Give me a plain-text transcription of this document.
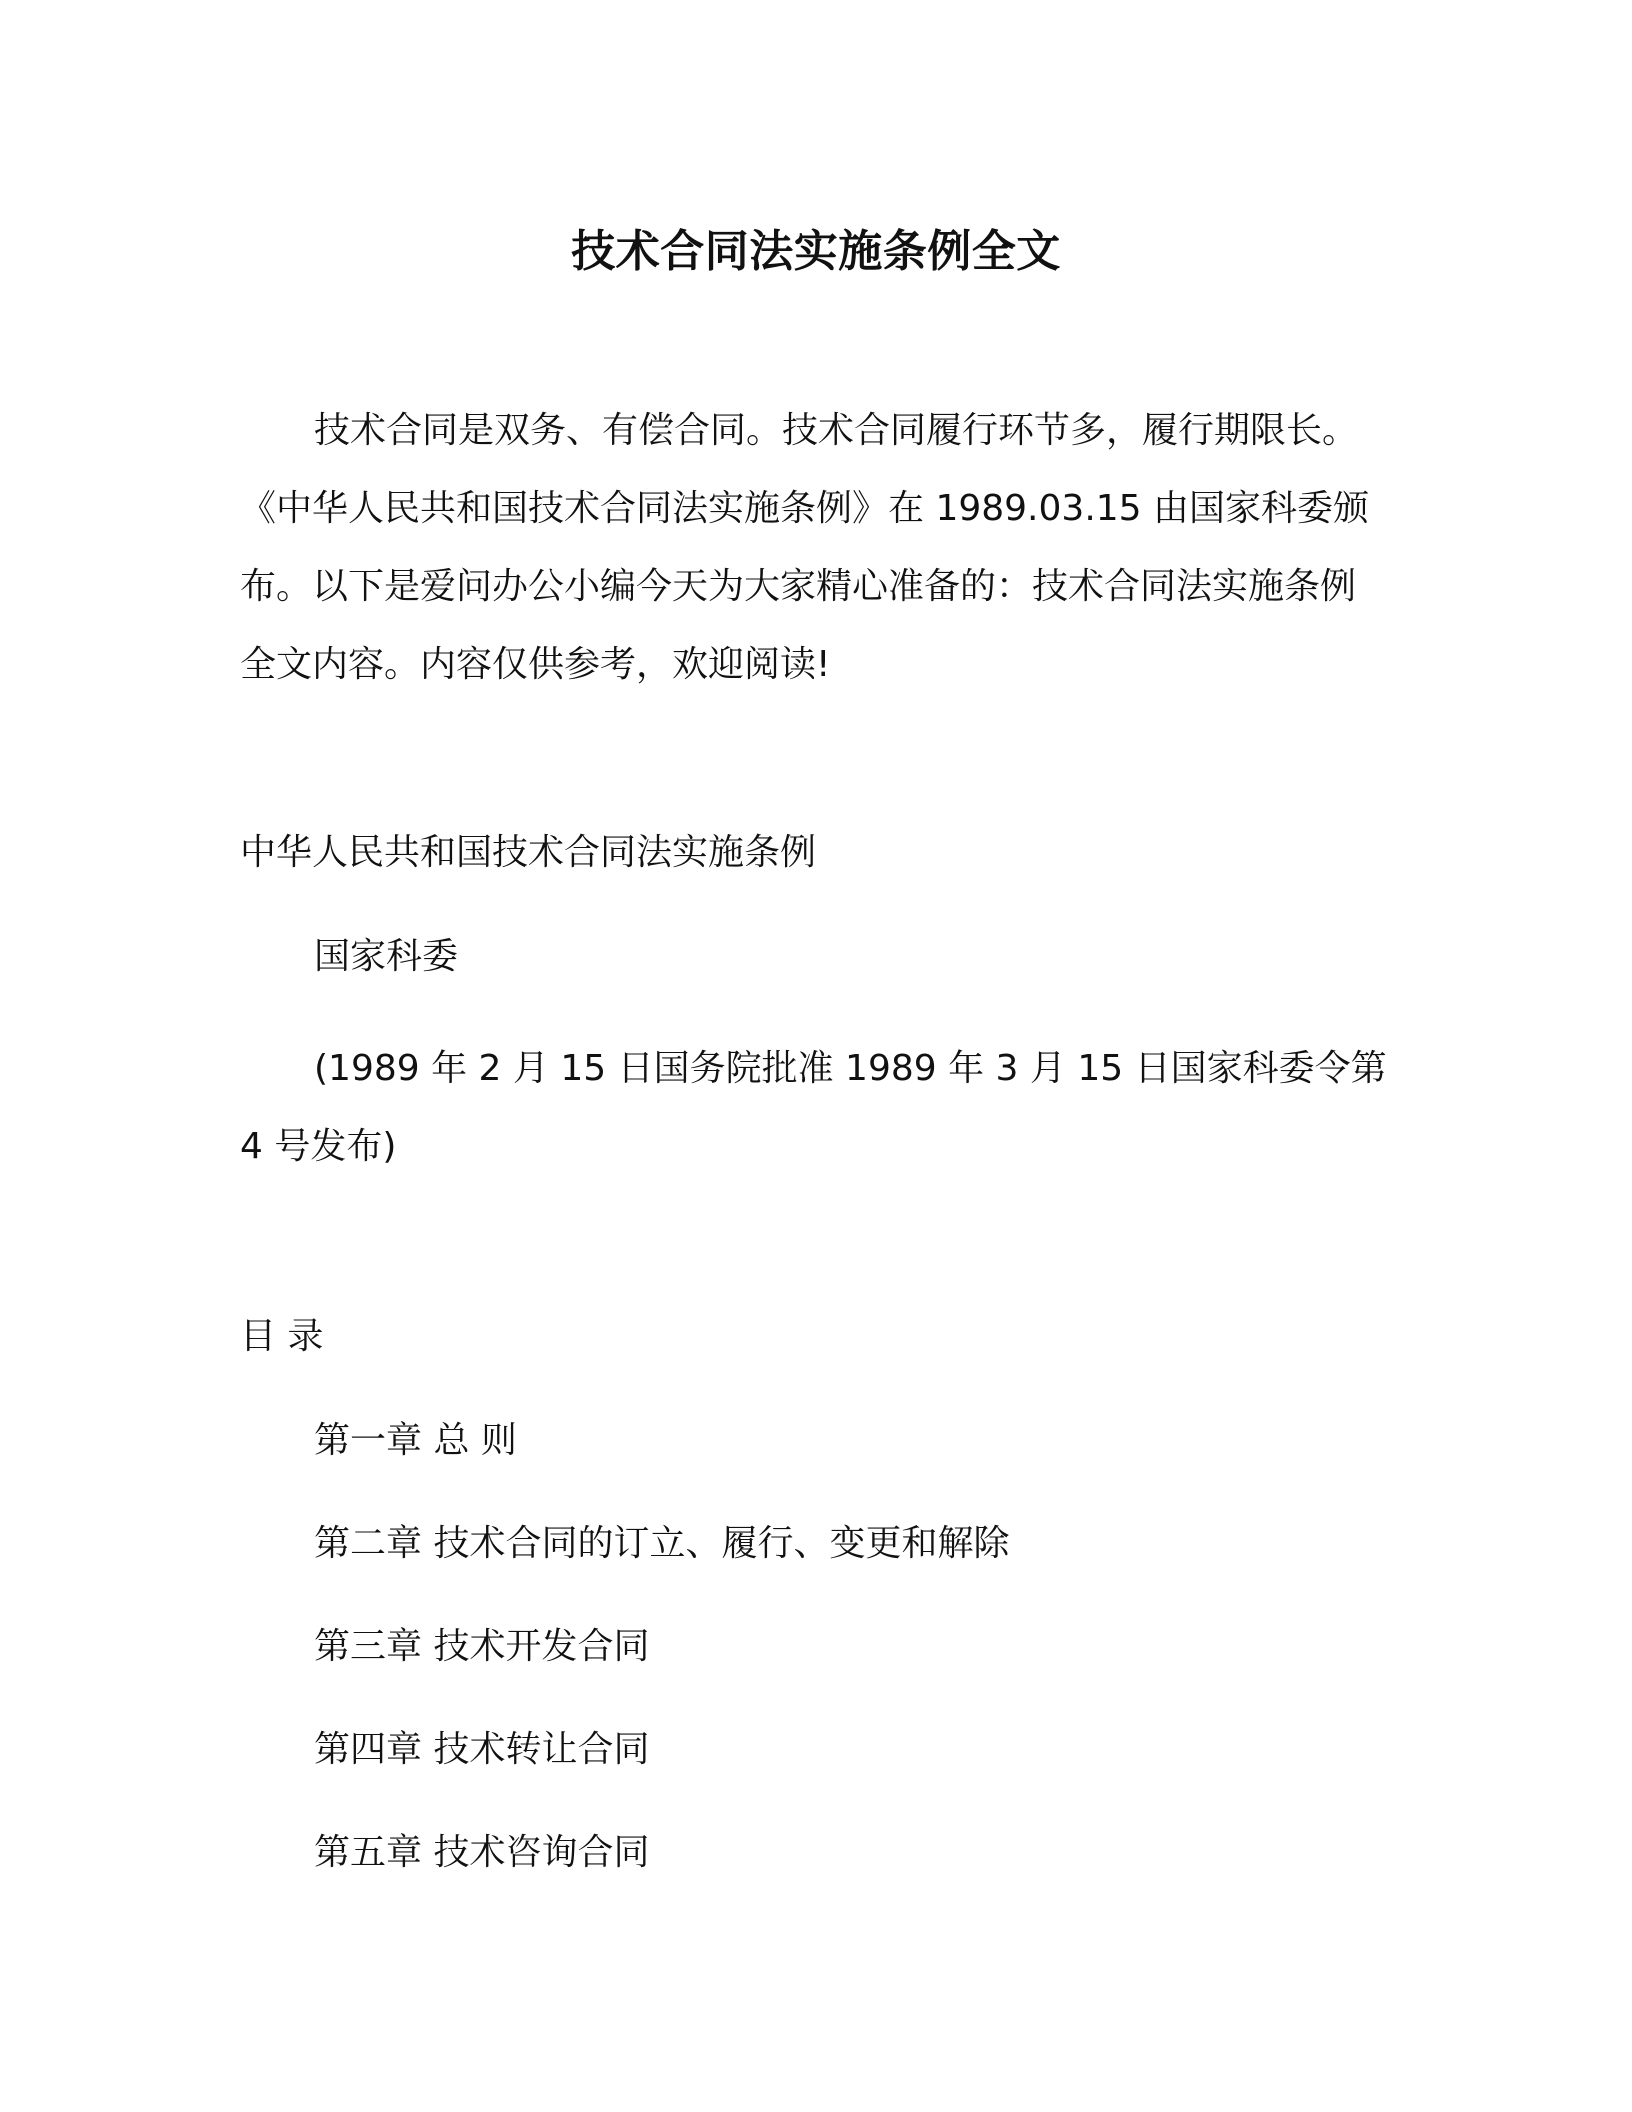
技术合同法实施条例全文

技术合同是双务、有偿合同。技术合同履行环节多，履行期限长。《中华人民共和国技术合同法实施条例》在 1989.03.15 由国家科委颁布。以下是爱问办公小编今天为大家精心准备的：技术合同法实施条例全文内容。内容仅供参考，欢迎阅读!

中华人民共和国技术合同法实施条例

国家科委

(1989 年 2 月 15 日国务院批准 1989 年 3 月 15 日国家科委令第 4 号发布)

目 录

第一章 总 则

第二章 技术合同的订立、履行、变更和解除

第三章 技术开发合同

第四章 技术转让合同

第五章 技术咨询合同
